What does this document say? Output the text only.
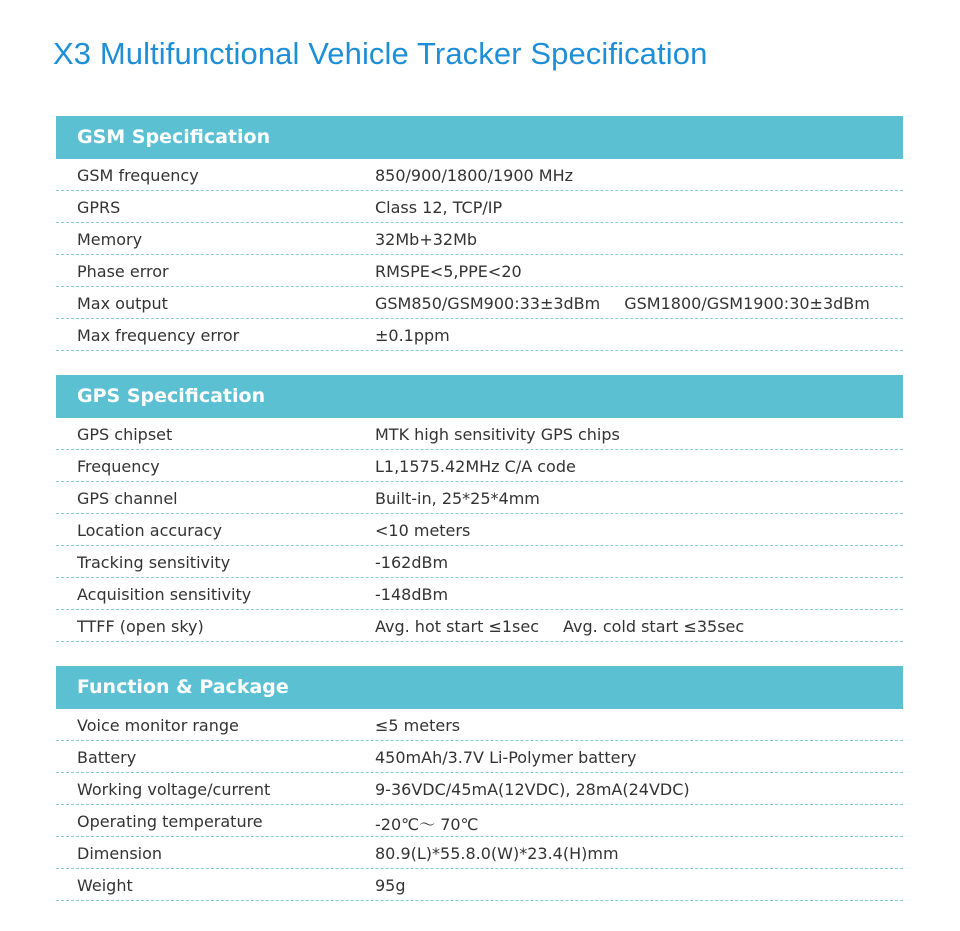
X3 Multifunctional Vehicle Tracker Specification
GSM Specification
GSM frequency	850/900/1800/1900 MHz
GPRS	Class 12, TCP/IP
Memory	32Mb+32Mb
Phase error	RMSPE<5,PPE<20
Max output	GSM850/GSM900:33±3dBm GSM1800/GSM1900:30±3dBm
Max frequency error	±0.1ppm
GPS Specification
GPS chipset	MTK high sensitivity GPS chips
Frequency	L1,1575.42MHz C/A code
GPS channel	Built-in, 25*25*4mm
Location accuracy	<10 meters
Tracking sensitivity	-162dBm
Acquisition sensitivity	-148dBm
TTFF (open sky)	Avg. hot start ≤1sec Avg. cold start ≤35sec
Function & Package
Voice monitor range	≤5 meters
Battery	450mAh/3.7V Li-Polymer battery
Working voltage/current	9-36VDC/45mA(12VDC), 28mA(24VDC)
Operating temperature	-20℃～ 70℃
Dimension	80.9(L)*55.8.0(W)*23.4(H)mm
Weight	95g
